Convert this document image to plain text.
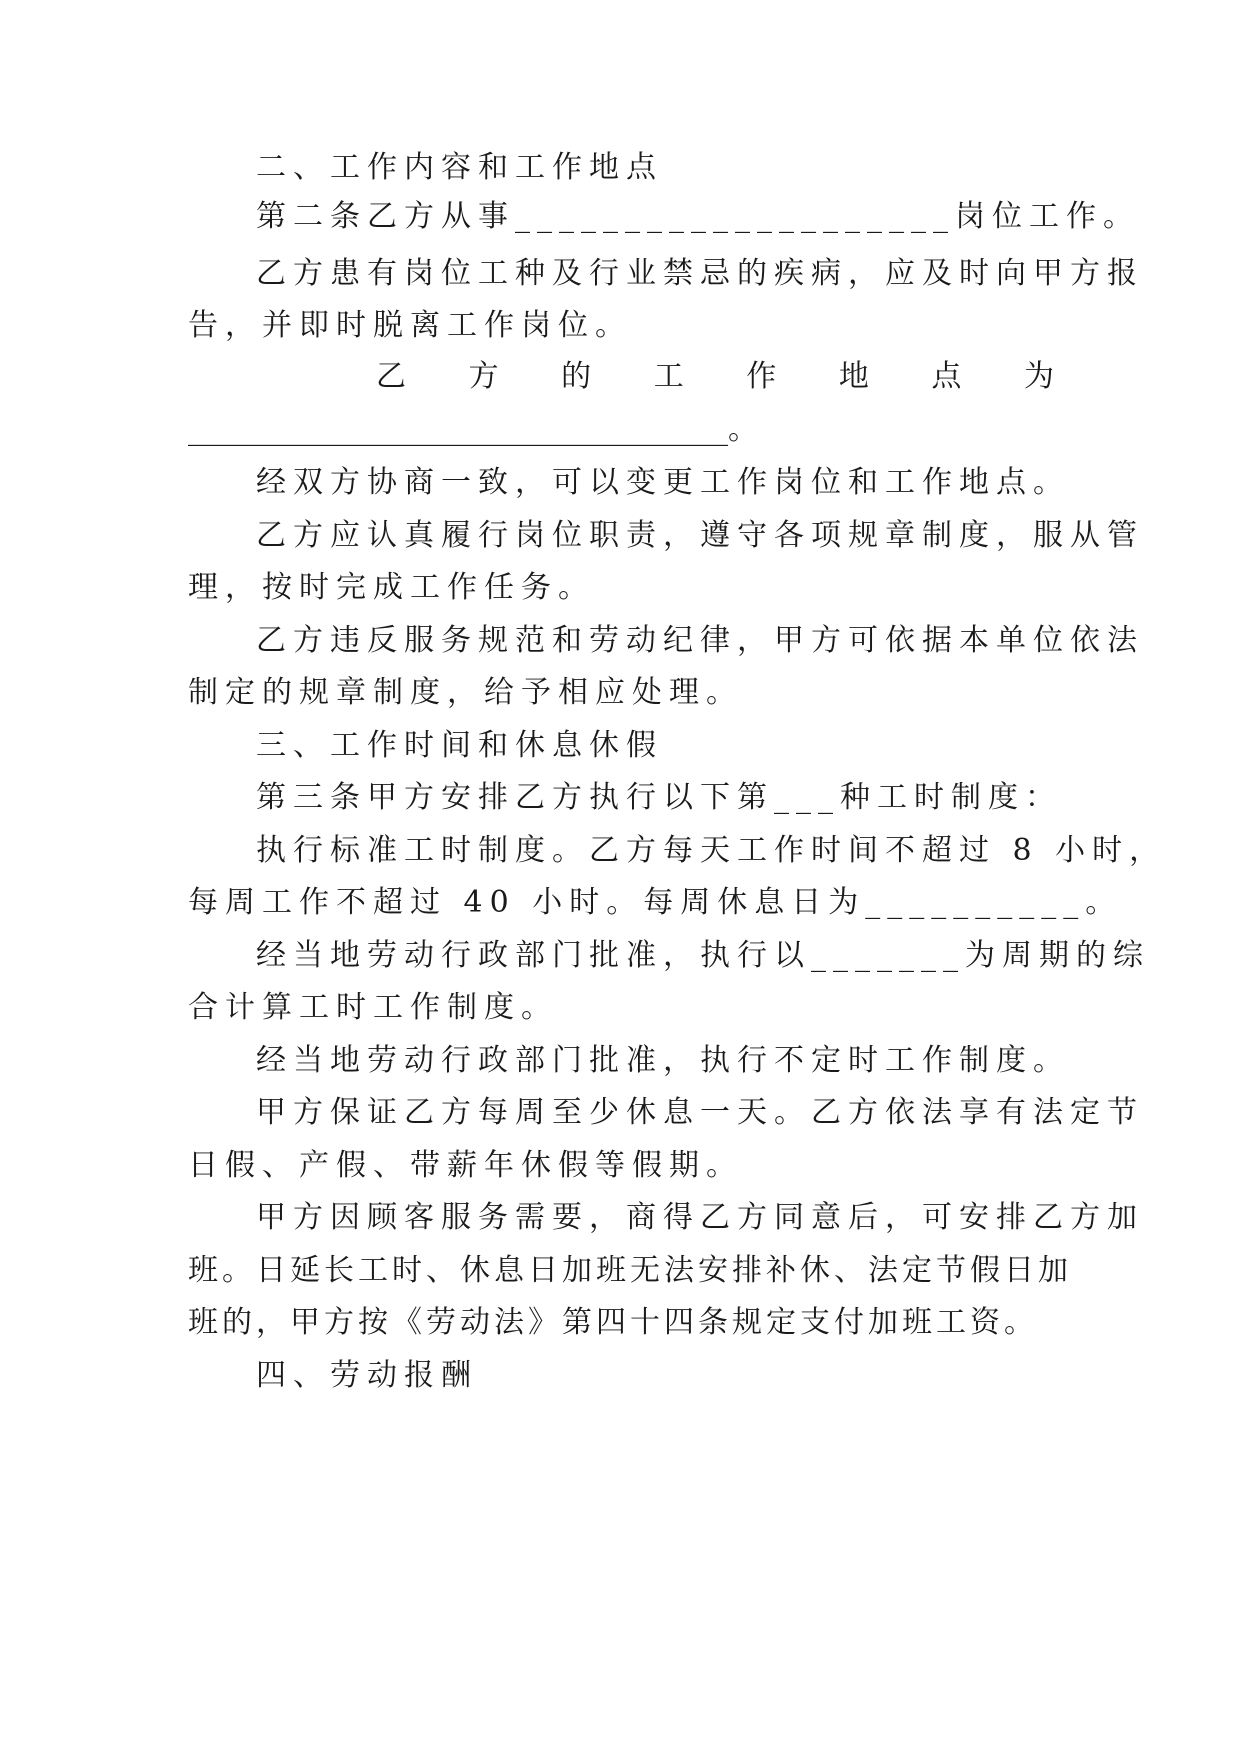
二、工作内容和工作地点
第二条乙方从事____________________岗位工作。
乙方患有岗位工种及行业禁忌的疾病，应及时向甲方报
告，并即时脱离工作岗位。
乙 方 的 工 作 地 点 为
____________________________________。
经双方协商一致，可以变更工作岗位和工作地点。
乙方应认真履行岗位职责，遵守各项规章制度，服从管
理，按时完成工作任务。
乙方违反服务规范和劳动纪律，甲方可依据本单位依法
制定的规章制度，给予相应处理。
三、工作时间和休息休假
第三条甲方安排乙方执行以下第___种工时制度：
执行标准工时制度。乙方每天工作时间不超过 8 小时，
每周工作不超过 40 小时。每周休息日为__________。
经当地劳动行政部门批准，执行以_______为周期的综
合计算工时工作制度。
经当地劳动行政部门批准，执行不定时工作制度。
甲方保证乙方每周至少休息一天。乙方依法享有法定节
日假、产假、带薪年休假等假期。
甲方因顾客服务需要，商得乙方同意后，可安排乙方加
班。日延长工时、休息日加班无法安排补休、法定节假日加
班的，甲方按《劳动法》第四十四条规定支付加班工资。
四、劳动报酬
